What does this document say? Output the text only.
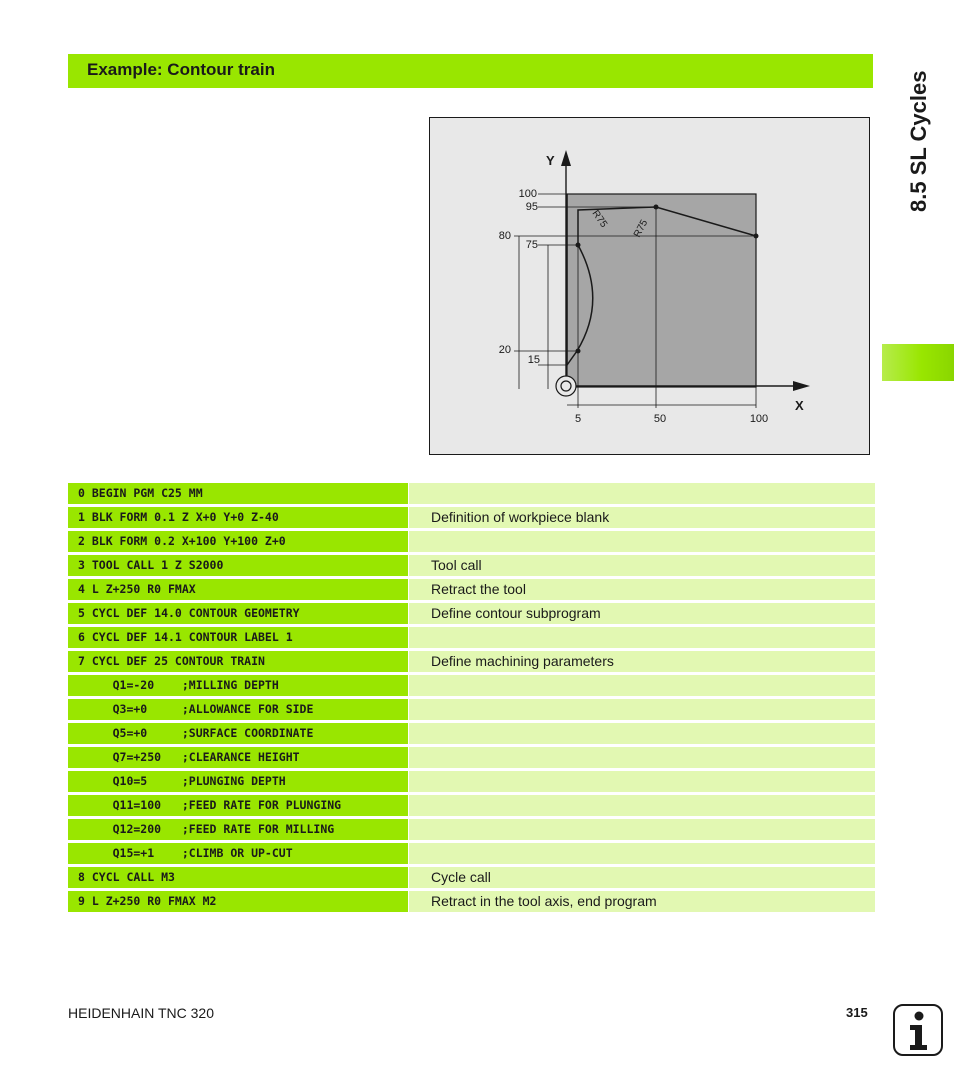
Example: Contour train
8.5 SL Cycles
Y
X
100
95
80
75
20
15
5	50	100
R75 R75
0 BEGIN PGM C25 MM
1 BLK FORM 0.1 Z X+0 Y+0 Z-40	Definition of workpiece blank
2 BLK FORM 0.2 X+100 Y+100 Z+0
3 TOOL CALL 1 Z S2000	Tool call
4 L Z+250 R0 FMAX	Retract the tool
5 CYCL DEF 14.0 CONTOUR GEOMETRY	Define contour subprogram
6 CYCL DEF 14.1 CONTOUR LABEL 1
7 CYCL DEF 25 CONTOUR TRAIN	Define machining parameters
Q1=-20    ;MILLING DEPTH
Q3=+0     ;ALLOWANCE FOR SIDE
Q5=+0     ;SURFACE COORDINATE
Q7=+250   ;CLEARANCE HEIGHT
Q10=5     ;PLUNGING DEPTH
Q11=100   ;FEED RATE FOR PLUNGING
Q12=200   ;FEED RATE FOR MILLING
Q15=+1    ;CLIMB OR UP-CUT
8 CYCL CALL M3	Cycle call
9 L Z+250 R0 FMAX M2	Retract in the tool axis, end program
HEIDENHAIN TNC 320	315
